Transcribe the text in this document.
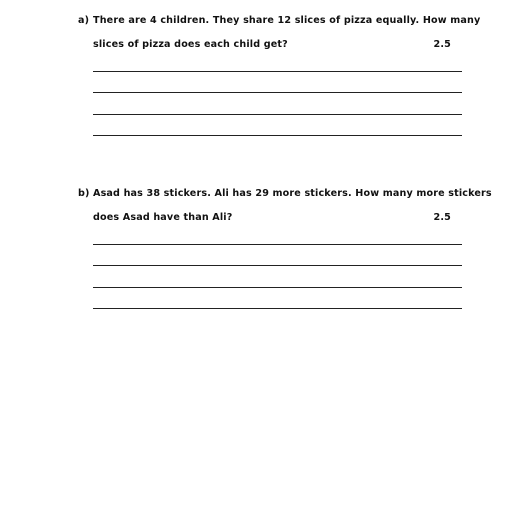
a) There are 4 children. They share 12 slices of pizza equally. How many
slices of pizza does each child get?	2.5
b) Asad has 38 stickers. Ali has 29 more stickers. How many more stickers
does Asad have than Ali?	2.5
